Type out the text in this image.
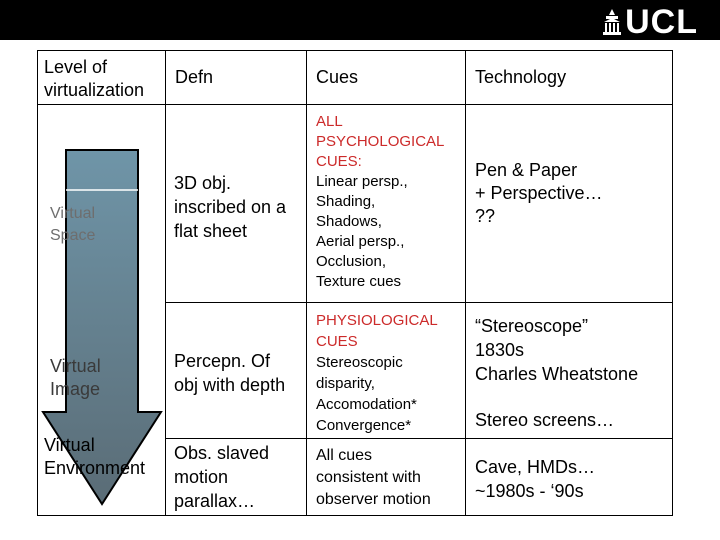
UCL
Level of
virtualization
Defn	Cues	Technology
Virtual
Space
Virtual
Image
Virtual
Environment
3D obj.
inscribed on a
flat sheet
ALL
PSYCHOLOGICAL
CUES:
Linear persp.,
Shading,
Shadows,
Aerial persp.,
Occlusion,
Texture cues
Pen & Paper
+ Perspective…
??
Percepn. Of
obj with depth
PHYSIOLOGICAL
CUES
Stereoscopic
disparity,
Accomodation*
Convergence*
“Stereoscope”
1830s
Charles Wheatstone
Stereo screens…
Obs. slaved
motion
parallax…
All cues
consistent with
observer motion
Cave, HMDs…
~1980s - ‘90s
